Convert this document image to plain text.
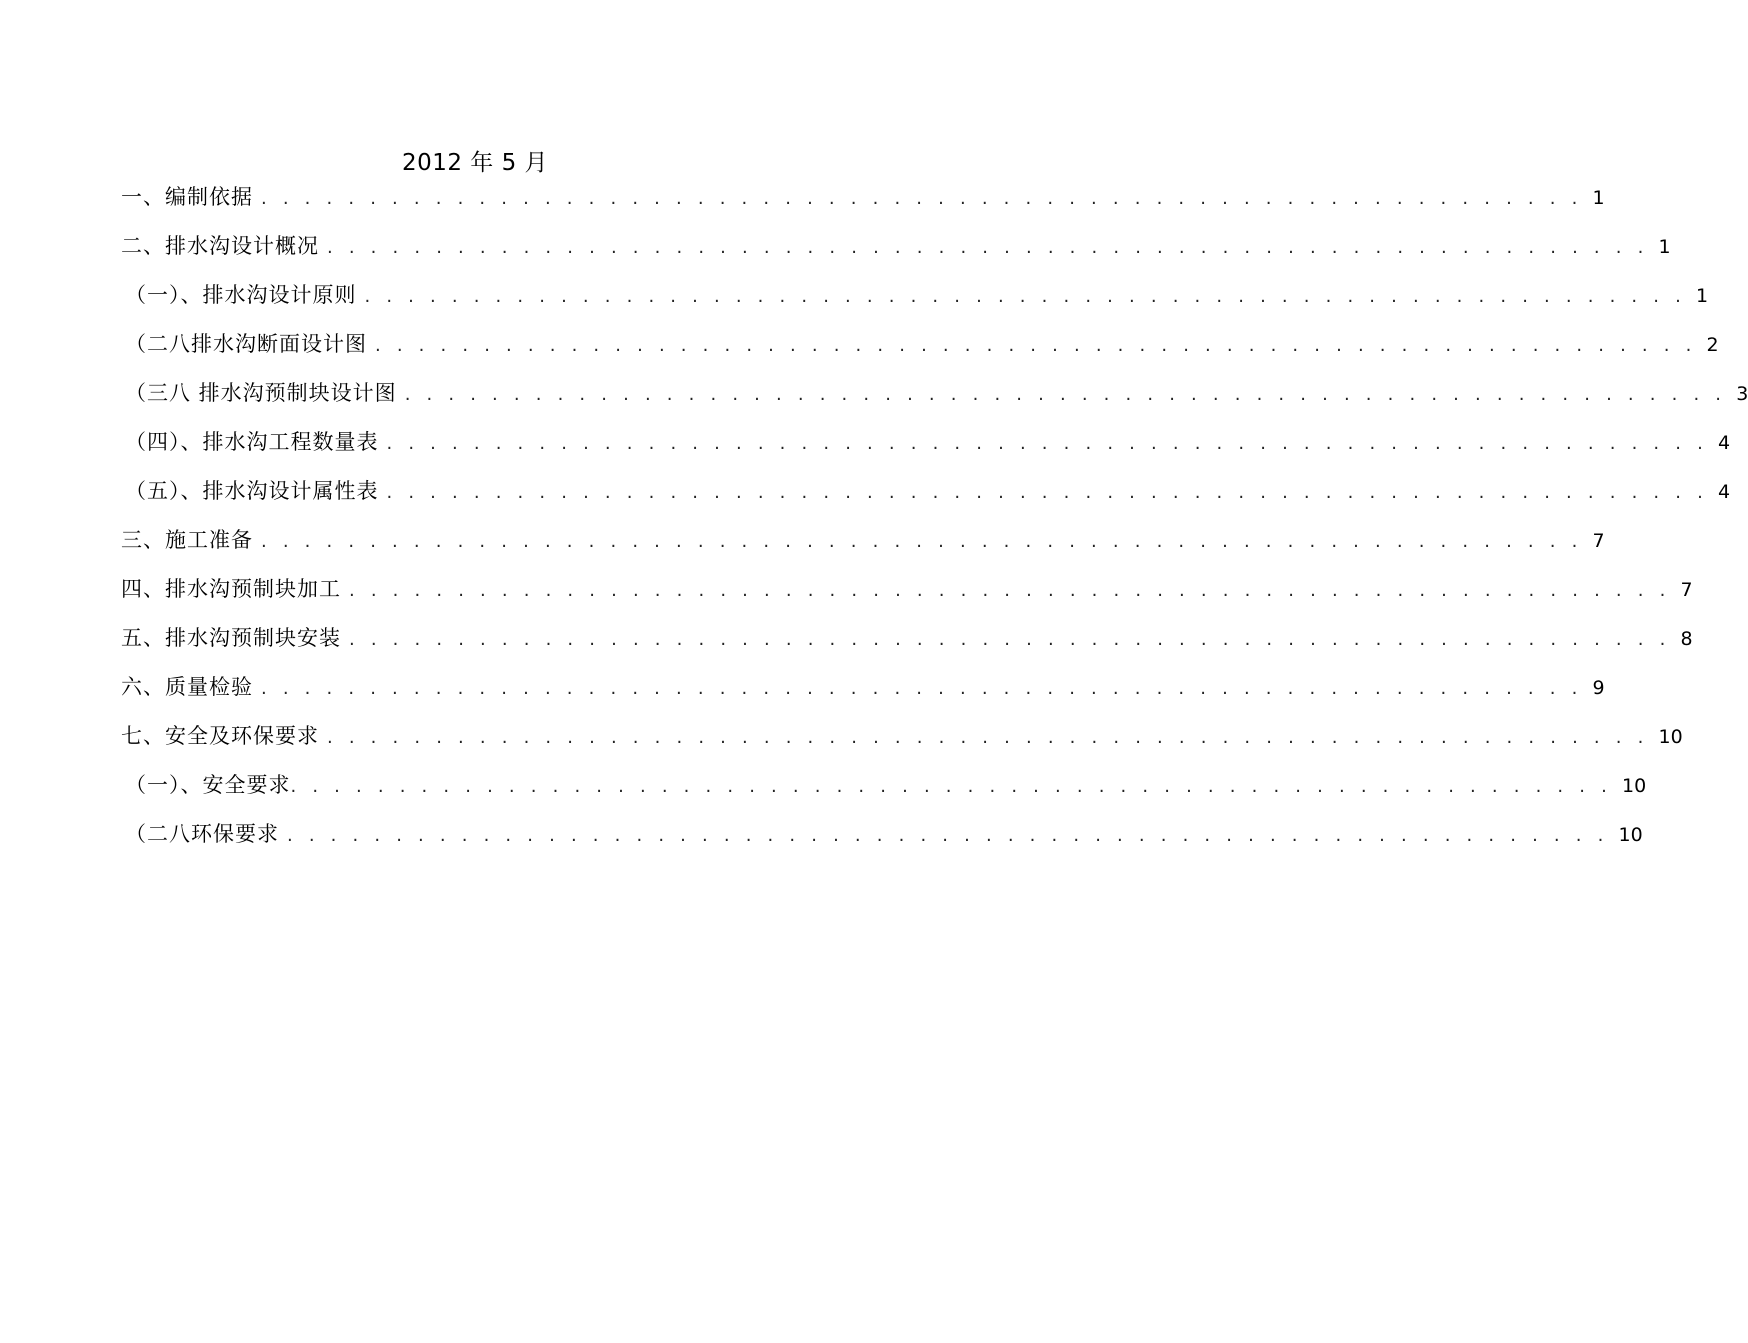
2012 年 5 月
一、编制依据 . . . . . . . . . . . . . . . . . . . . . . . . . . . . . . . . . . . . . . . . . . . . . . . . . . . . . . . . . . . . . 1
二、排水沟设计概况 . . . . . . . . . . . . . . . . . . . . . . . . . . . . . . . . . . . . . . . . . . . . . . . . . . . . . . . . . . . . . 1
（一）、排水沟设计原则 . . . . . . . . . . . . . . . . . . . . . . . . . . . . . . . . . . . . . . . . . . . . . . . . . . . . . . . . . . . . . 1
（二八排水沟断面设计图 . . . . . . . . . . . . . . . . . . . . . . . . . . . . . . . . . . . . . . . . . . . . . . . . . . . . . . . . . . . . . 2
（三八 排水沟预制块设计图 . . . . . . . . . . . . . . . . . . . . . . . . . . . . . . . . . . . . . . . . . . . . . . . . . . . . . . . . . . . . . 3
（四）、排水沟工程数量表 . . . . . . . . . . . . . . . . . . . . . . . . . . . . . . . . . . . . . . . . . . . . . . . . . . . . . . . . . . . . . 4
（五）、排水沟设计属性表 . . . . . . . . . . . . . . . . . . . . . . . . . . . . . . . . . . . . . . . . . . . . . . . . . . . . . . . . . . . . . 4
三、施工准备 . . . . . . . . . . . . . . . . . . . . . . . . . . . . . . . . . . . . . . . . . . . . . . . . . . . . . . . . . . . . . 7
四、排水沟预制块加工 . . . . . . . . . . . . . . . . . . . . . . . . . . . . . . . . . . . . . . . . . . . . . . . . . . . . . . . . . . . . . 7
五、排水沟预制块安装 . . . . . . . . . . . . . . . . . . . . . . . . . . . . . . . . . . . . . . . . . . . . . . . . . . . . . . . . . . . . . 8
六、质量检验 . . . . . . . . . . . . . . . . . . . . . . . . . . . . . . . . . . . . . . . . . . . . . . . . . . . . . . . . . . . . . 9
七、安全及环保要求 . . . . . . . . . . . . . . . . . . . . . . . . . . . . . . . . . . . . . . . . . . . . . . . . . . . . . . . . . . . . . 10
（一）、安全要求 . . . . . . . . . . . . . . . . . . . . . . . . . . . . . . . . . . . . . . . . . . . . . . . . . . . . . . . . . . . . . 10
（二八环保要求 . . . . . . . . . . . . . . . . . . . . . . . . . . . . . . . . . . . . . . . . . . . . . . . . . . . . . . . . . . . . . 10
